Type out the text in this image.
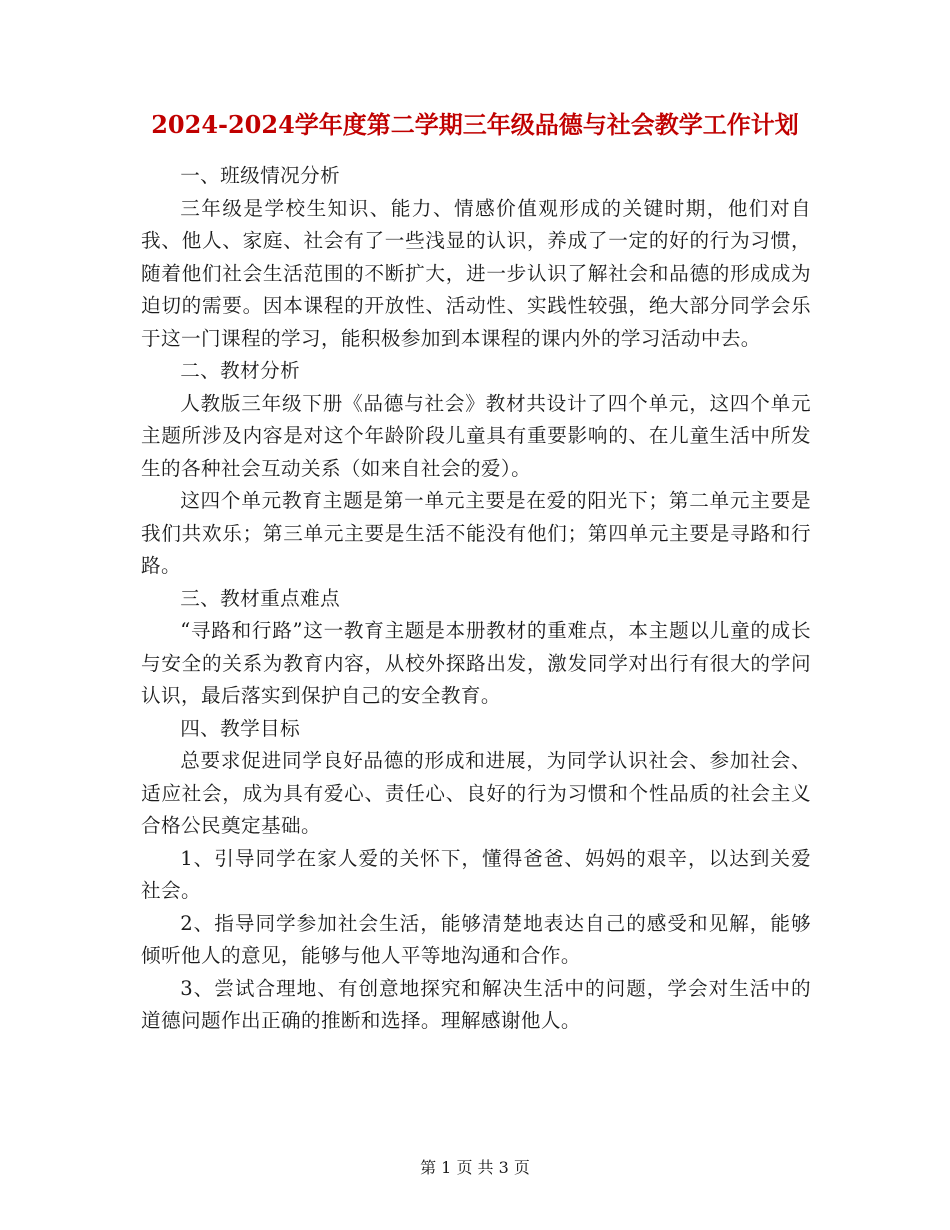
2024-2024学年度第二学期三年级品德与社会教学工作计划

一、班级情况分析

三年级是学校生知识、能力、情感价值观形成的关键时期，他们对自我、他人、家庭、社会有了一些浅显的认识，养成了一定的好的行为习惯，随着他们社会生活范围的不断扩大，进一步认识了解社会和品德的形成成为迫切的需要。因本课程的开放性、活动性、实践性较强，绝大部分同学会乐于这一门课程的学习，能积极参加到本课程的课内外的学习活动中去。

二、教材分析

人教版三年级下册《品德与社会》教材共设计了四个单元，这四个单元主题所涉及内容是对这个年龄阶段儿童具有重要影响的、在儿童生活中所发生的各种社会互动关系（如来自社会的爱）。

这四个单元教育主题是第一单元主要是在爱的阳光下；第二单元主要是我们共欢乐；第三单元主要是生活不能没有他们；第四单元主要是寻路和行路。

三、教材重点难点

“寻路和行路”这一教育主题是本册教材的重难点，本主题以儿童的成长与安全的关系为教育内容，从校外探路出发，激发同学对出行有很大的学问认识，最后落实到保护自己的安全教育。

四、教学目标

总要求促进同学良好品德的形成和进展，为同学认识社会、参加社会、适应社会，成为具有爱心、责任心、良好的行为习惯和个性品质的社会主义合格公民奠定基础。

1、引导同学在家人爱的关怀下，懂得爸爸、妈妈的艰辛，以达到关爱社会。

2、指导同学参加社会生活，能够清楚地表达自己的感受和见解，能够倾听他人的意见，能够与他人平等地沟通和合作。

3、尝试合理地、有创意地探究和解决生活中的问题，学会对生活中的道德问题作出正确的推断和选择。理解感谢他人。

第 1 页 共 3 页
